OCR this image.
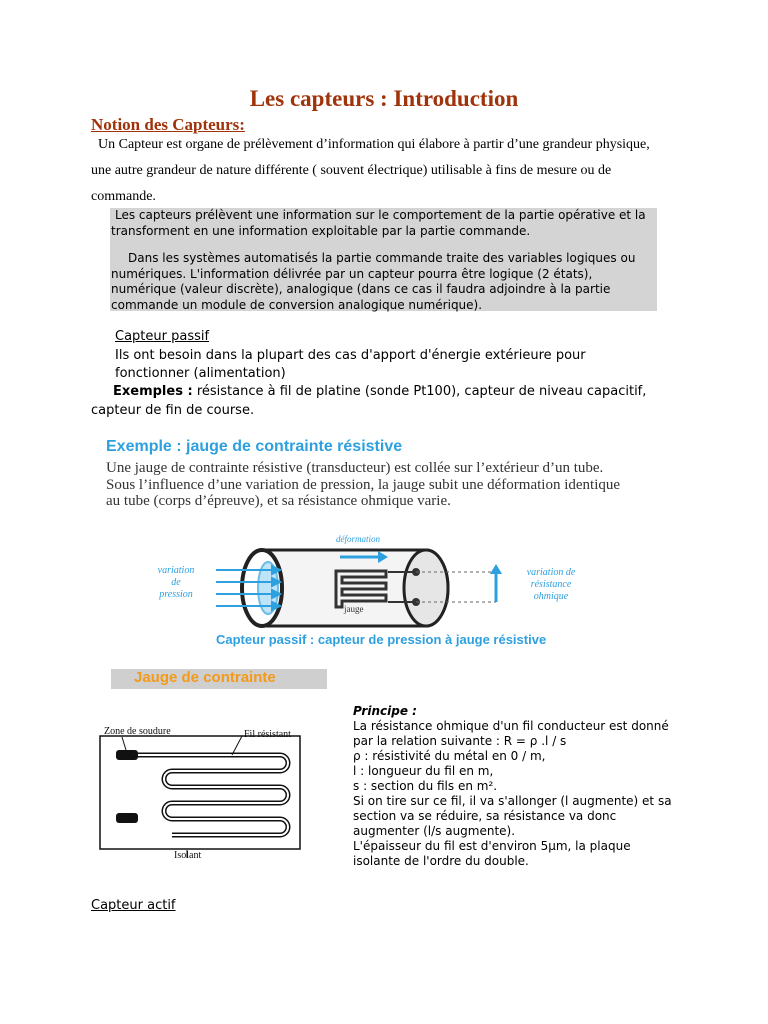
Les capteurs : Introduction
Notion des Capteurs:
Un Capteur est organe de prélèvement d’information qui élabore à partir d’une grandeur physique, une autre grandeur de nature différente ( souvent électrique) utilisable à fins de mesure ou de commande.

Les capteurs prélèvent une information sur le comportement de la partie opérative et la transforment en une information exploitable par la partie commande.

Dans les systèmes automatisés la partie commande traite des variables logiques ou numériques. L'information délivrée par un capteur pourra être logique (2 états), numérique (valeur discrète), analogique (dans ce cas il faudra adjoindre à la partie commande un module de conversion analogique numérique).

Capteur passif
Ils ont besoin dans la plupart des cas d'apport d'énergie extérieure pour fonctionner (alimentation)
Exemples : résistance à fil de platine (sonde Pt100), capteur de niveau capacitif, capteur de fin de course.
Exemple : jauge de contrainte résistive
Une jauge de contrainte résistive (transducteur) est collée sur l’extérieur d’un tube. Sous l’influence d’une variation de pression, la jauge subit une déformation identique au tube (corps d’épreuve), et sa résistance ohmique varie.
déformation
variation
de
pression
variation de
résistance
ohmique
jauge
Capteur passif : capteur de pression à jauge résistive
Jauge de contrainte
Zone de soudure	Fil résistant
Isolant
Principe :
La résistance ohmique d'un fil conducteur est donné par la relation suivante : R = ρ .l / s
ρ : résistivité du métal en 0 / m,
l : longueur du fil en m,
s : section du fils en m².
Si on tire sur ce fil, il va s'allonger (l augmente) et sa section va se réduire, sa résistance va donc augmenter (l/s augmente).
L'épaisseur du fil est d'environ 5µm, la plaque isolante de l'ordre du double.
Capteur actif
